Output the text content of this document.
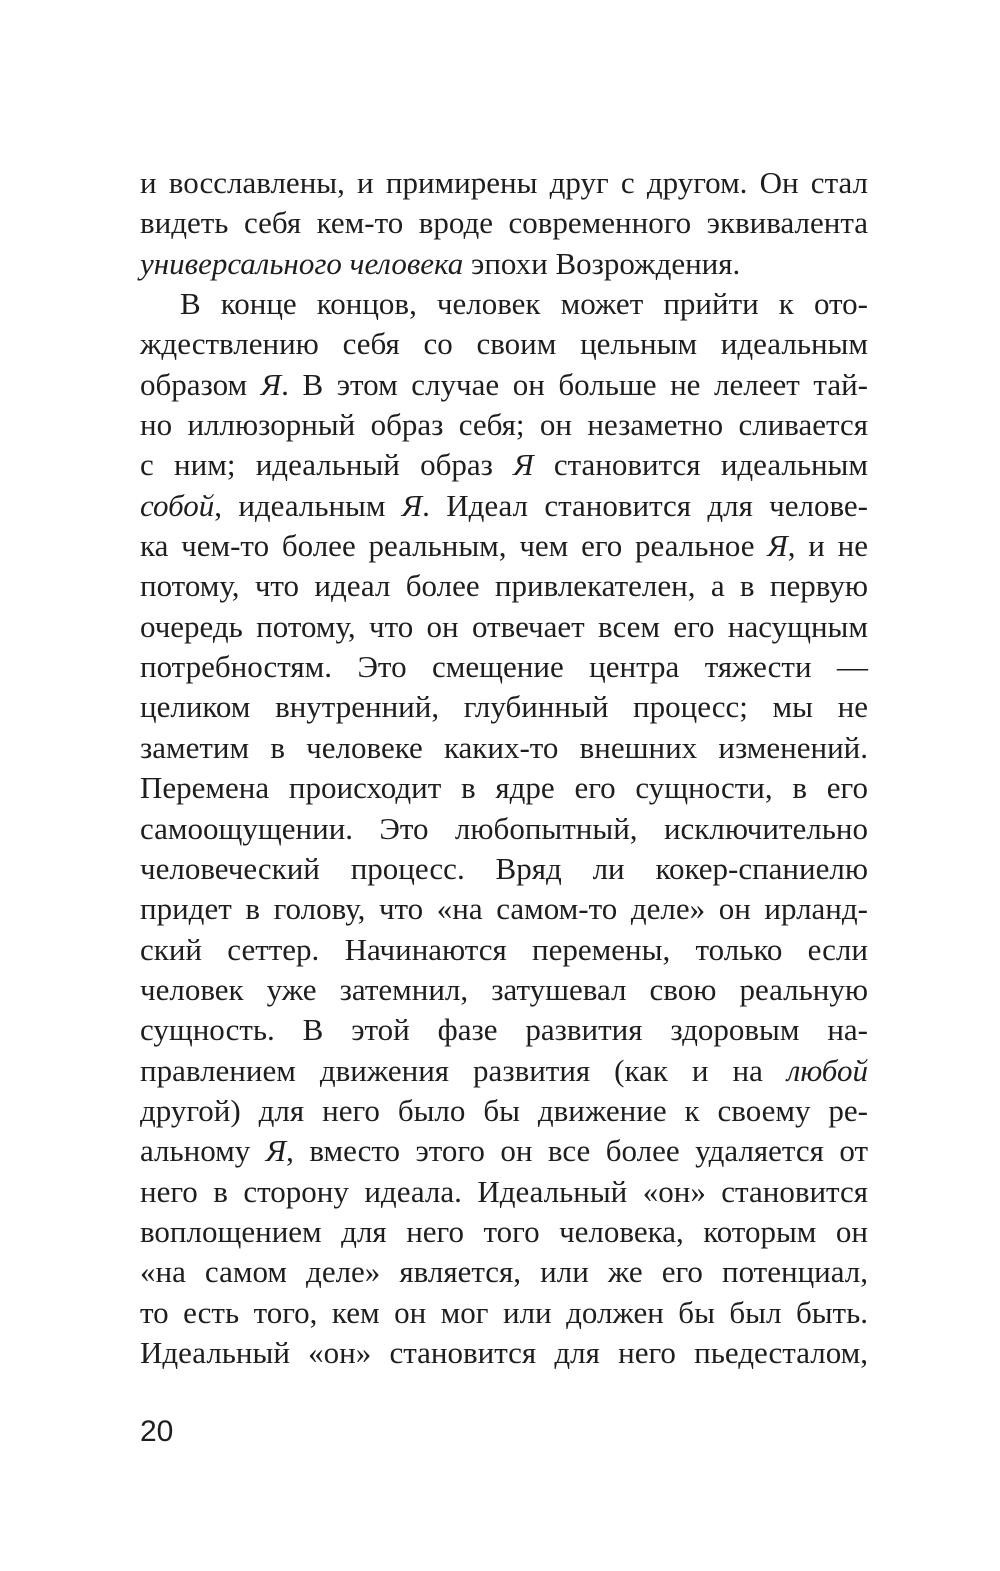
и восславлены, и примирены друг с другом. Он стал
видеть себя кем-то вроде современного эквивалента
универсального человека эпохи Возрождения.
В конце концов, человек может прийти к ото-
ждествлению себя со своим цельным идеальным
образом Я. В этом случае он больше не лелеет тай-
но иллюзорный образ себя; он незаметно сливается
с ним; идеальный образ Я становится идеальным
собой, идеальным Я. Идеал становится для челове-
ка чем-то более реальным, чем его реальное Я, и не
потому, что идеал более привлекателен, а в первую
очередь потому, что он отвечает всем его насущным
потребностям. Это смещение центра тяжести —
целиком внутренний, глубинный процесс; мы не
заметим в человеке каких-то внешних изменений.
Перемена происходит в ядре его сущности, в его
самоощущении. Это любопытный, исключительно
человеческий процесс. Вряд ли кокер-спаниелю
придет в голову, что «на самом-то деле» он ирланд-
ский сеттер. Начинаются перемены, только если
человек уже затемнил, затушевал свою реальную
сущность. В этой фазе развития здоровым на-
правлением движения развития (как и на любой
другой) для него было бы движение к своему ре-
альному Я, вместо этого он все более удаляется от
него в сторону идеала. Идеальный «он» становится
воплощением для него того человека, которым он
«на самом деле» является, или же его потенциал,
то есть того, кем он мог или должен бы был быть.
Идеальный «он» становится для него пьедесталом,
20
